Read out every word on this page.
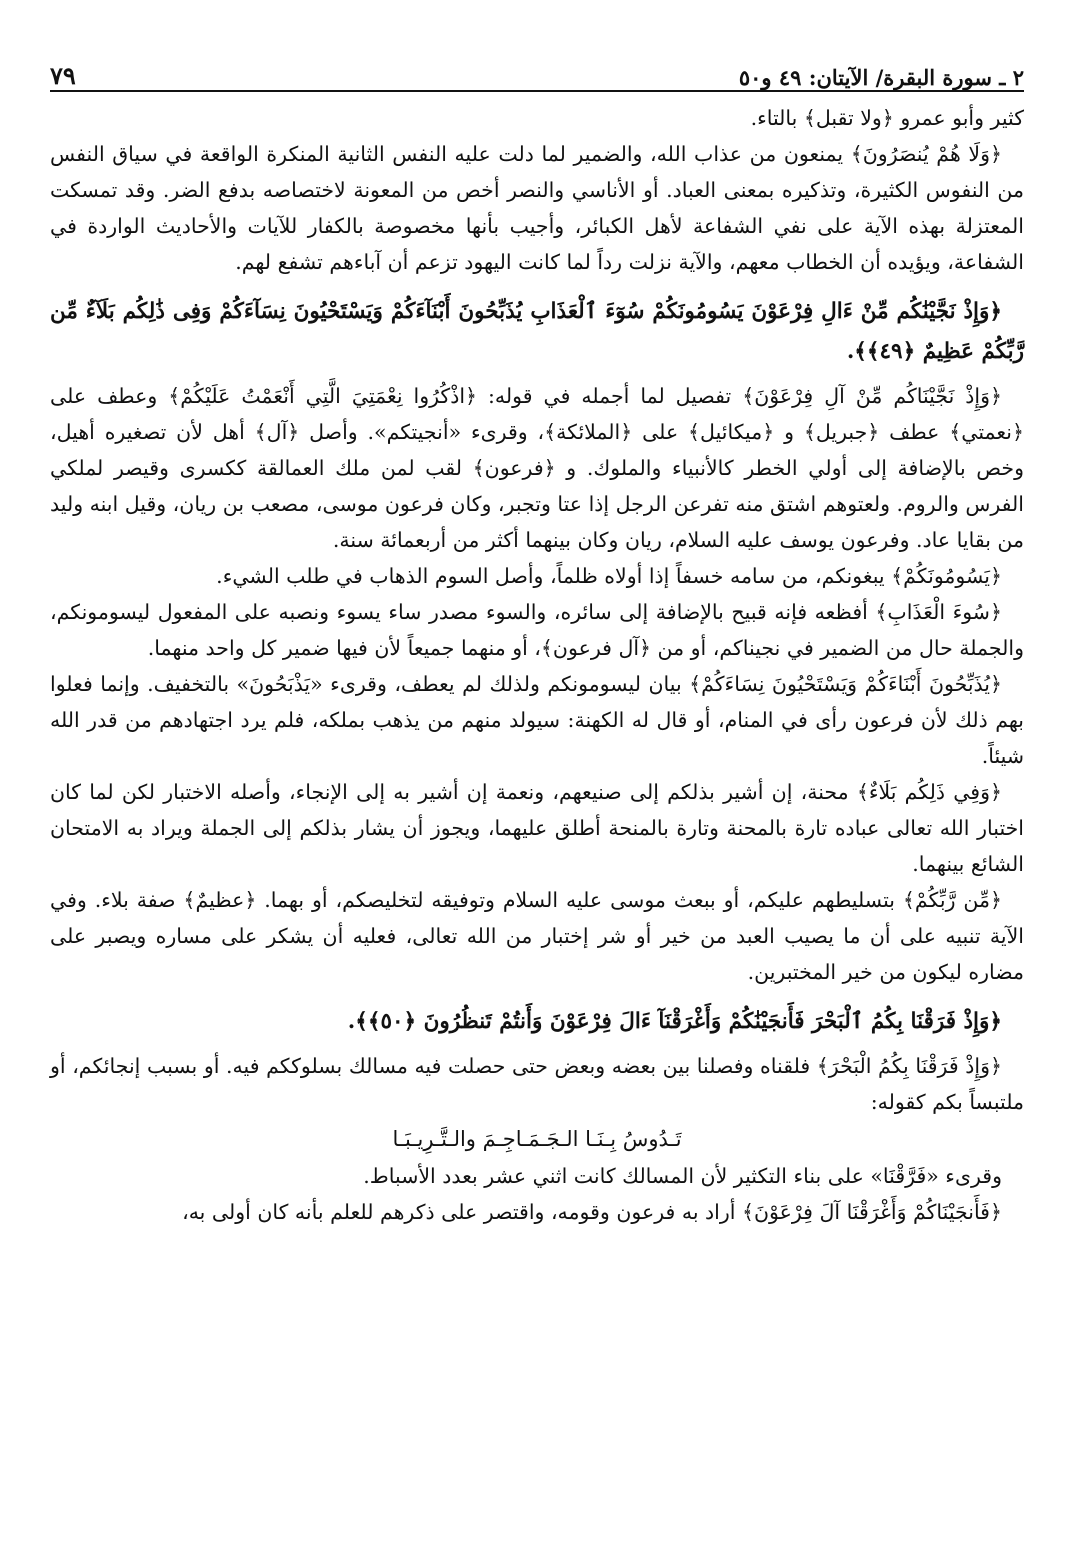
٢ ـ سورة البقرة/ الآيتان: ٤٩ و٥٠
٧٩

كثير وأبو عمرو ﴿ولا تقبل﴾ بالتاء.

﴿وَلَا هُمْ يُنصَرُونَ﴾ يمنعون من عذاب الله، والضمير لما دلت عليه النفس الثانية المنكرة الواقعة في سياق النفس من النفوس الكثيرة، وتذكيره بمعنى العباد. أو الأناسي والنصر أخص من المعونة لاختصاصه بدفع الضر. وقد تمسكت المعتزلة بهذه الآية على نفي الشفاعة لأهل الكبائر، وأجيب بأنها مخصوصة بالكفار للآيات والأحاديث الواردة في الشفاعة، ويؤيده أن الخطاب معهم، والآية نزلت رداً لما كانت اليهود تزعم أن آباءهم تشفع لهم.

﴿وَإِذْ نَجَّيْنَٰكُم مِّنْ ءَالِ فِرْعَوْنَ يَسُومُونَكُمْ سُوٓءَ ٱلْعَذَابِ يُذَبِّحُونَ أَبْنَآءَكُمْ وَيَسْتَحْيُونَ نِسَآءَكُمْ وَفِى ذَٰلِكُم بَلَآءٌ مِّن رَّبِّكُمْ عَظِيمٌ ﴿٤٩﴾﴾.

﴿وَإِذْ نَجَّيْنَاكُم مِّنْ آلِ فِرْعَوْنَ﴾ تفصيل لما أجمله في قوله: ﴿اذْكُرُوا نِعْمَتِيَ الَّتِي أَنْعَمْتُ عَلَيْكُمْ﴾ وعطف على ﴿نعمتي﴾ عطف ﴿جبريل﴾ و ﴿ميكائيل﴾ على ﴿الملائكة﴾، وقرىء «أنجيتكم». وأصل ﴿آل﴾ أهل لأن تصغيره أهيل، وخص بالإضافة إلى أولي الخطر كالأنبياء والملوك. و ﴿فرعون﴾ لقب لمن ملك العمالقة ككسرى وقيصر لملكي الفرس والروم. ولعتوهم اشتق منه تفرعن الرجل إذا عتا وتجبر، وكان فرعون موسى، مصعب بن ريان، وقيل ابنه وليد من بقايا عاد. وفرعون يوسف عليه السلام، ريان وكان بينهما أكثر من أربعمائة سنة.

﴿يَسُومُونَكُمْ﴾ يبغونكم، من سامه خسفاً إذا أولاه ظلماً، وأصل السوم الذهاب في طلب الشيء.

﴿سُوءَ الْعَذَابِ﴾ أفظعه فإنه قبيح بالإضافة إلى سائره، والسوء مصدر ساء يسوء ونصبه على المفعول ليسومونكم، والجملة حال من الضمير في نجيناكم، أو من ﴿آل فرعون﴾، أو منهما جميعاً لأن فيها ضمير كل واحد منهما.

﴿يُذَبِّحُونَ أَبْنَاءَكُمْ وَيَسْتَحْيُونَ نِسَاءَكُمْ﴾ بيان ليسومونكم ولذلك لم يعطف، وقرىء «يَذْبَحُونَ» بالتخفيف. وإنما فعلوا بهم ذلك لأن فرعون رأى في المنام، أو قال له الكهنة: سيولد منهم من يذهب بملكه، فلم يرد اجتهادهم من قدر الله شيئاً.

﴿وَفِي ذَلِكُم بَلَاءٌ﴾ محنة، إن أشير بذلكم إلى صنيعهم، ونعمة إن أشير به إلى الإنجاء، وأصله الاختبار لكن لما كان اختبار الله تعالى عباده تارة بالمحنة وتارة بالمنحة أطلق عليهما، ويجوز أن يشار بذلكم إلى الجملة ويراد به الامتحان الشائع بينهما.

﴿مِّن رَّبِّكُمْ﴾ بتسليطهم عليكم، أو ببعث موسى عليه السلام وتوفيقه لتخليصكم، أو بهما. ﴿عظيمٌ﴾ صفة بلاء. وفي الآية تنبيه على أن ما يصيب العبد من خير أو شر إختبار من الله تعالى، فعليه أن يشكر على مساره ويصبر على مضاره ليكون من خير المختبرين.

﴿وَإِذْ فَرَقْنَا بِكُمُ ٱلْبَحْرَ فَأَنجَيْنَٰكُمْ وَأَغْرَقْنَآ ءَالَ فِرْعَوْنَ وَأَنتُمْ تَنظُرُونَ ﴿٥٠﴾﴾.

﴿وَإِذْ فَرَقْنَا بِكُمُ الْبَحْرَ﴾ فلقناه وفصلنا بين بعضه وبعض حتى حصلت فيه مسالك بسلوككم فيه. أو بسبب إنجائكم، أو ملتبساً بكم كقوله:

تَـدُوسُ بِـنَـا الـجَـمَـاجِـمَ والـتَّـرِيـبَـا

وقرىء «فَرَّقْنَا» على بناء التكثير لأن المسالك كانت اثني عشر بعدد الأسباط.

﴿فَأَنجَيْنَاكُمْ وَأَغْرَقْنَا آلَ فِرْعَوْنَ﴾ أراد به فرعون وقومه، واقتصر على ذكرهم للعلم بأنه كان أولى به،
